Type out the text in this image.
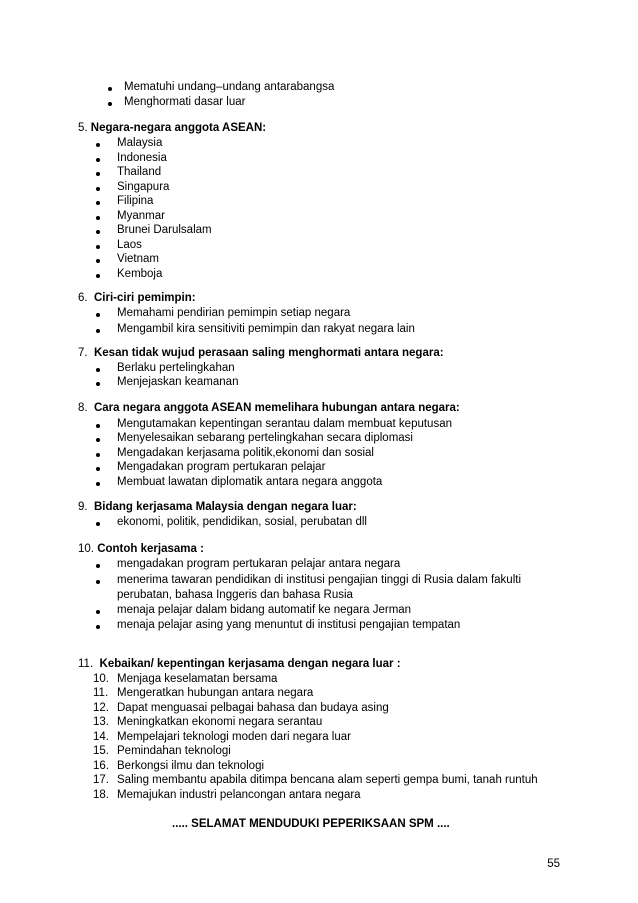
Mematuhi undang–undang antarabangsa
Menghormati dasar luar
5. Negara-negara anggota ASEAN:
Malaysia
Indonesia
Thailand
Singapura
Filipina
Myanmar
Brunei Darulsalam
Laos
Vietnam
Kemboja
6. Ciri-ciri pemimpin:
Memahami pendirian pemimpin setiap negara
Mengambil kira sensitiviti pemimpin dan rakyat negara lain
7. Kesan tidak wujud perasaan saling menghormati antara negara:
Berlaku pertelingkahan
Menjejaskan keamanan
8. Cara negara anggota ASEAN memelihara hubungan antara negara:
Mengutamakan kepentingan serantau dalam membuat keputusan
Menyelesaikan sebarang pertelingkahan secara diplomasi
Mengadakan kerjasama politik,ekonomi dan sosial
Mengadakan program pertukaran pelajar
Membuat lawatan diplomatik antara negara anggota
9. Bidang kerjasama Malaysia dengan negara luar:
ekonomi, politik, pendidikan, sosial, perubatan dll
10. Contoh kerjasama :
mengadakan program pertukaran pelajar antara negara
menerima tawaran pendidikan di institusi pengajian tinggi di Rusia dalam fakulti
perubatan, bahasa Inggeris dan bahasa Rusia
menaja pelajar dalam bidang automatif ke negara Jerman
menaja pelajar asing yang menuntut di institusi pengajian tempatan
11. Kebaikan/ kepentingan kerjasama dengan negara luar :
10. Menjaga keselamatan bersama
11. Mengeratkan hubungan antara negara
12. Dapat menguasai pelbagai bahasa dan budaya asing
13. Meningkatkan ekonomi negara serantau
14. Mempelajari teknologi moden dari negara luar
15. Pemindahan teknologi
16. Berkongsi ilmu dan teknologi
17. Saling membantu apabila ditimpa bencana alam seperti gempa bumi, tanah runtuh
18. Memajukan industri pelancongan antara negara
..... SELAMAT MENDUDUKI PEPERIKSAAN SPM ....
55
